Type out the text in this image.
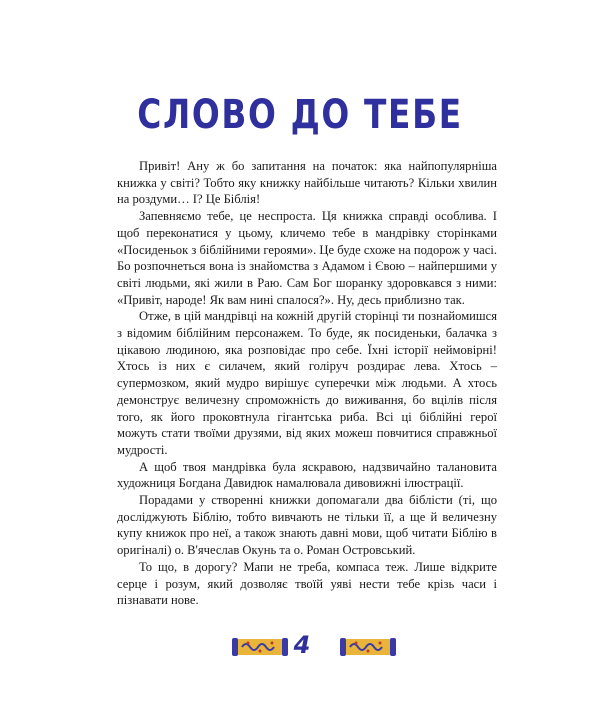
СЛОВО ДО ТЕБЕ

Привіт! Ану ж бо запитання на початок: яка найпопулярніша книжка у світі? Тобто яку книжку найбільше читають? Кільки хвилин на роздуми… І? Це Біблія!

Запевняємо тебе, це неспроста. Ця книжка справді особлива. І щоб переконатися у цьому, кличемо тебе в мандрівку сторінками «Посиденьок з біблійними героями». Це буде схоже на подорож у часі. Бо розпочнеться вона із знайомства з Адамом і Євою – найпершими у світі людьми, які жили в Раю. Сам Бог шоранку здоровкався з ними: «Привіт, народе! Як вам нині спалося?». Ну, десь приблизно так.

Отже, в цій мандрівці на кожній другій сторінці ти познайомишся з відомим біблійним персонажем. То буде, як посиденьки, балачка з цікавою людиною, яка розповідає про себе. Їхні історії неймовірні! Хтось із них є силачем, який голіруч роздирає лева. Хтось – супермозком, який мудро вирішує суперечки між людьми. А хтось демонструє величезну спроможність до виживання, бо вцілів після того, як його проковтнула гігантська риба. Всі ці біблійні герої можуть стати твоїми друзями, від яких можеш повчитися справжньої мудрості.

А щоб твоя мандрівка була яскравою, надзвичайно талановита художниця Богдана Давидюк намалювала дивовижні ілюстрації.

Порадами у створенні книжки допомагали два біблісти (ті, що досліджують Біблію, тобто вивчають не тільки її, а ще й величезну купу книжок про неї, а також знають давні мови, щоб читати Біблію в оригіналі) о. В'ячеслав Окунь та о. Роман Островський.

То що, в дорогу? Мапи не треба, компаса теж. Лише відкрите серце і розум, який дозволяє твоїй уяві нести тебе крізь часи і пізнавати нове.

4
